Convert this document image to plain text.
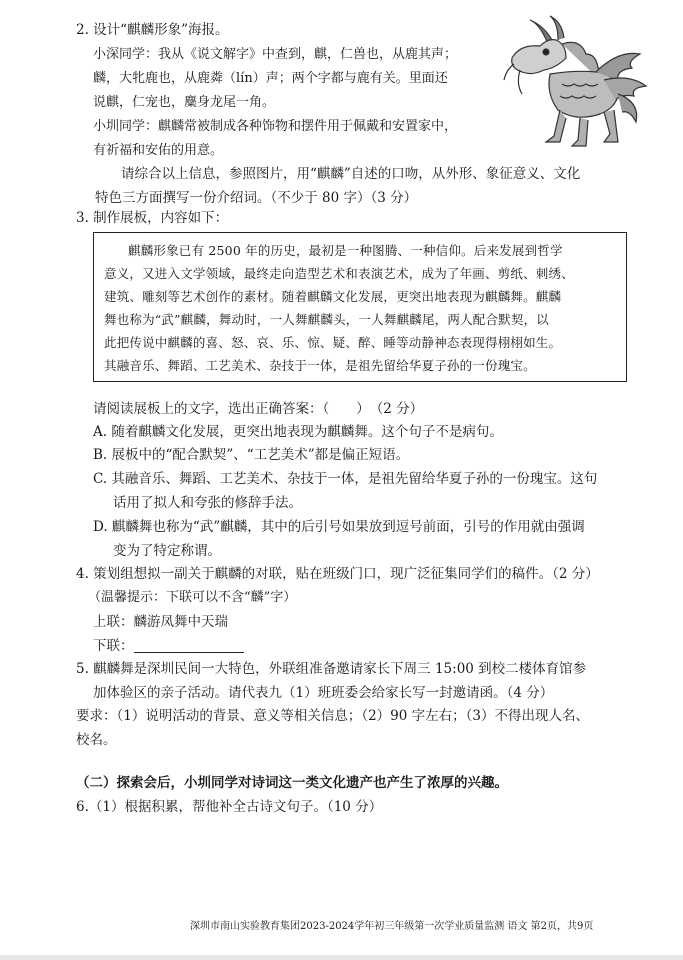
2. 设计“麒麟形象”海报。
小深同学：我从《说文解字》中查到，麒，仁兽也，从鹿其声；
麟，大牝鹿也，从鹿粦（lín）声；两个字都与鹿有关。里面还
说麒，仁宠也，麋身龙尾一角。
小圳同学：麒麟常被制成各种饰物和摆件用于佩戴和安置家中，
有祈福和安佑的用意。
请综合以上信息，参照图片，用“麒麟”自述的口吻，从外形、象征意义、文化
特色三方面撰写一份介绍词。（不少于 80 字）（3 分）
3. 制作展板，内容如下：
麒麟形象已有 2500 年的历史，最初是一种图腾、一种信仰。后来发展到哲学
意义，又进入文学领域，最终走向造型艺术和表演艺术，成为了年画、剪纸、刺绣、
建筑、雕刻等艺术创作的素材。随着麒麟文化发展，更突出地表现为麒麟舞。麒麟
舞也称为“武”麒麟，舞动时，一人舞麒麟头，一人舞麒麟尾，两人配合默契，以
此把传说中麒麟的喜、怒、哀、乐、惊、疑、醉、睡等动静神态表现得栩栩如生。
其融音乐、舞蹈、工艺美术、杂技于一体，是祖先留给华夏子孙的一份瑰宝。
请阅读展板上的文字，选出正确答案：（　　）　（2 分）
A. 随着麒麟文化发展，更突出地表现为麒麟舞。这个句子不是病句。
B. 展板中的“配合默契”、“工艺美术”都是偏正短语。
C. 其融音乐、舞蹈、工艺美术、杂技于一体，是祖先留给华夏子孙的一份瑰宝。这句
话用了拟人和夸张的修辞手法。
D. 麒麟舞也称为“武”麒麟，其中的后引号如果放到逗号前面，引号的作用就由强调
变为了特定称谓。
4. 策划组想拟一副关于麒麟的对联，贴在班级门口，现广泛征集同学们的稿件。（2 分）
（温馨提示：下联可以不含“麟”字）
上联：麟游凤舞中天瑞
下联：
5. 麒麟舞是深圳民间一大特色，外联组准备邀请家长下周三 15:00 到校二楼体育馆参
加体验区的亲子活动。请代表九（1）班班委会给家长写一封邀请函。（4 分）
要求：（1）说明活动的背景、意义等相关信息；（2）90 字左右；（3）不得出现人名、
校名。
（二）探索会后，小圳同学对诗词这一类文化遗产也产生了浓厚的兴趣。
6.（1）根据积累，帮他补全古诗文句子。（10 分）
深圳市南山实验教育集团2023-2024学年初三年级第一次学业质量监测 语文 第2页，共9页
